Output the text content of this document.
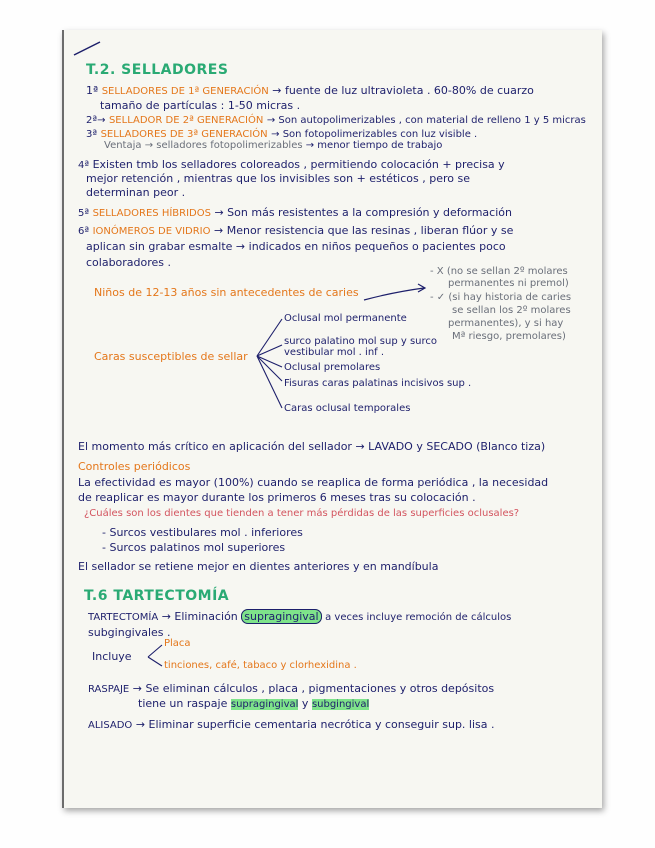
T.2. SELLADORES
1ª SELLADORES DE 1ª GENERACIÓN → fuente de luz ultravioleta . 60-80% de cuarzo
tamaño de partículas : 1-50 micras .
2ª→ SELLADOR DE 2ª GENERACIÓN → Son autopolimerizables , con material de relleno 1 y 5 micras
3ª SELLADORES DE 3ª GENERACIÓN → Son fotopolimerizables con luz visible .
Ventaja → selladores fotopolimerizables → menor tiempo de trabajo
4ª Existen tmb los selladores coloreados , permitiendo colocación + precisa y
mejor retención , mientras que los invisibles son + estéticos , pero se
determinan peor .
5ª SELLADORES HÍBRIDOS → Son más resistentes a la compresión y deformación
6ª IONÓMEROS DE VIDRIO → Menor resistencia que las resinas , liberan flúor y se
aplican sin grabar esmalte → indicados en niños pequeños o pacientes poco
colaboradores .
Niños de 12-13 años sin antecedentes de caries
- X (no se sellan 2º molares
permanentes ni premol)
- ✓ (si hay historia de caries
se sellan los 2º molares
permanentes), y si hay
Mª riesgo, premolares)
Caras susceptibles de sellar
Oclusal mol permanente
surco palatino mol sup y surco
vestibular mol . inf .
Oclusal premolares
Fisuras caras palatinas incisivos sup .
Caras oclusal temporales
El momento más crítico en aplicación del sellador → LAVADO y SECADO (Blanco tiza)
Controles periódicos
La efectividad es mayor (100%) cuando se reaplica de forma periódica , la necesidad
de reaplicar es mayor durante los primeros 6 meses tras su colocación .
¿Cuáles son los dientes que tienden a tener más pérdidas de las superficies oclusales?
- Surcos vestibulares mol . inferiores
- Surcos palatinos mol superiores
El sellador se retiene mejor en dientes anteriores y en mandíbula
T.6 TARTECTOMÍA
TARTECTOMÍA → Eliminación supragingival a veces incluye remoción de cálculos
subgingivales .
Incluye
Placa
tinciones, café, tabaco y clorhexidina .
RASPAJE → Se eliminan cálculos , placa , pigmentaciones y otros depósitos
tiene un raspaje supragingival y subgingival
ALISADO → Eliminar superficie cementaria necrótica y conseguir sup. lisa .
